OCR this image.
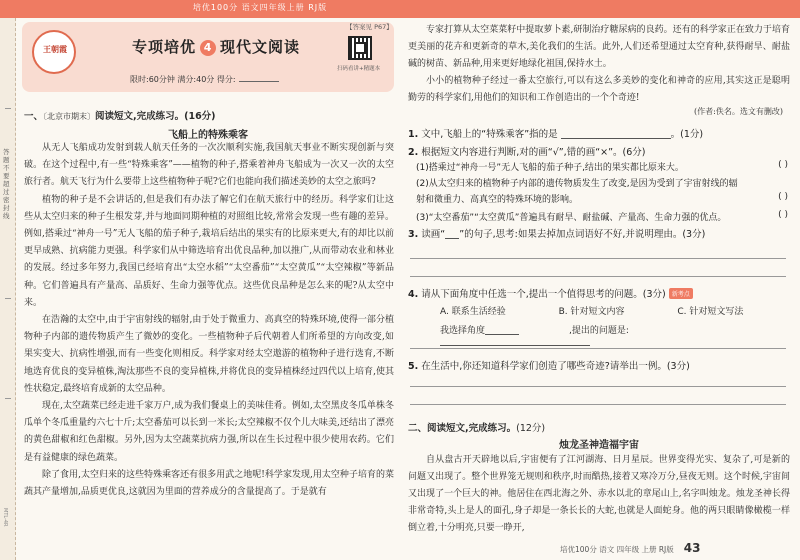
培优100分 语文四年级上册 RJ版
答题不要超过密封线
MTL-4R
王朝霞	专项培优 4 现代文阅读
【答案见 P67】
扫码看讲+精题本
限时:60分钟 满分:40分 得分:
一、〔北京市期末〕阅读短文,完成练习。(16分)
飞船上的特殊乘客

从无人飞船成功发射到载人航天任务的一次次顺利实施,我国航天事业不断实现创新与突破。在这个过程中,有一些“特殊乘客”——植物的种子,搭乘着神舟飞船成为一次又一次的太空旅行者。航天飞行为什么要带上这些植物种子呢?它们也能向我们描述美妙的太空之旅吗?

植物的种子是不会讲话的,但是我们有办法了解它们在航天旅行中的经历。科学家们让这些从太空归来的种子生根发芽,并与地面同期种植的对照组比较,常常会发现一些有趣的差异。例如,搭乘过“神舟一号”无人飞船的茄子种子,栽培后结出的果实有的比原来更大,有的却比以前更早成熟、抗病能力更强。科学家们从中筛选培育出优良品种,加以推广,从而带动农业和林业的发展。经过多年努力,我国已经培育出“太空水稻”“太空番茄”“太空黄瓜”“太空辣椒”等新品种。它们普遍具有产量高、品质好、生命力强等优点。这些优良品种是怎么来的呢?从太空中来。

在浩瀚的太空中,由于宇宙射线的辐射,由于处于微重力、高真空的特殊环境,使得一部分植物种子内部的遗传物质产生了微妙的变化。一些植物种子后代朝着人们所希望的方向改变,如果实变大、抗病性增强,而有一些变化则相反。科学家对经太空遨游的植物种子进行选育,不断地选育优良的变异植株,淘汰那些不良的变异植株,并将优良的变异植株经过四代以上培育,使其性状稳定,最终培育成新的太空品种。

现在,太空蔬菜已经走进千家万户,成为我们餐桌上的美味佳肴。例如,太空黑皮冬瓜单株冬瓜单个冬瓜重量约六七十斤;太空番茄可以长到一米长;太空辣椒不仅个儿大味美,还结出了漂亮的黄色甜椒和红色甜椒。另外,因为太空蔬菜抗病力强,所以在生长过程中很少使用农药。它们是有益健康的绿色蔬菜。

除了食用,太空归来的这些特殊乘客还有很多用武之地呢!科学家发现,用太空种子培育的菜蔬其产量增加,品质更优良,这就因为里面的营养成分的含量提高了。于是就有

专家打算从太空菜菜籽中提取萝卜素,研制治疗糖尿病的良药。还有的科学家正在致力于培育更美丽的花卉和更新奇的草木,美化我们的生活。此外,人们还希望通过太空育种,获得耐旱、耐盐碱的树苗、新品种,用来更好地绿化祖国,保持水土。

小小的植物种子经过一番太空旅行,可以有这么多美妙的变化和神奇的应用,其实这正是聪明勤劳的科学家们,用他们的知识和工作创造出的一个个奇迹!

(作者:佚名。选文有删改)
1. 文中,飞船上的“特殊乘客”指的是	。(1分)
2. 根据短文内容进行判断,对的画“√”,错的画“×”。(6分)
(1)搭乘过“神舟一号”无人飞船的茄子种子,结出的果实都比原来大。	( )
(2)从太空归来的植物种子内部的遗传物质发生了改变,是因为受到了宇宙射线的辐射和微重力、高真空的特殊环境的影响。	( )
(3)“太空番茄”“太空黄瓜”普遍具有耐旱、耐盐碱、产量高、生命力强的优点。	( )
3. 读画“ ”的句子,思考:如果去掉加点词语好不好,并说明理由。(3分)
4. 请从下面角度中任选一个,提出一个值得思考的问题。(3分) 新考点
A. 联系生活经验	B. 针对短文内容	C. 针对短文写法
我选择角度	,提出的问题是:
5. 在生活中,你还知道科学家们创造了哪些奇迹?请举出一例。(3分)
二、阅读短文,完成练习。(12分)
烛龙圣神造福宇宙

自从盘古开天辟地以后,宇宙便有了江河湖海、日月星辰。世界变得光实、复杂了,可是新的问题又出现了。整个世界笼无规则和秩序,时而酷热,接着又寒冷万分,昼夜无则。这个时候,宇宙间又出现了一个巨大的神。他居住在西北海之外、赤水以北的章尾山上,名字叫烛龙。烛龙圣神长得非常奇特,头上是人的面孔,身子却是一条长长的大蛇,也就是人面蛇身。他的两只眼睛像橄榄一样倒立着,十分明亮,只要一睁开,

培优100分 语文 四年级 上册 RJ版 43
